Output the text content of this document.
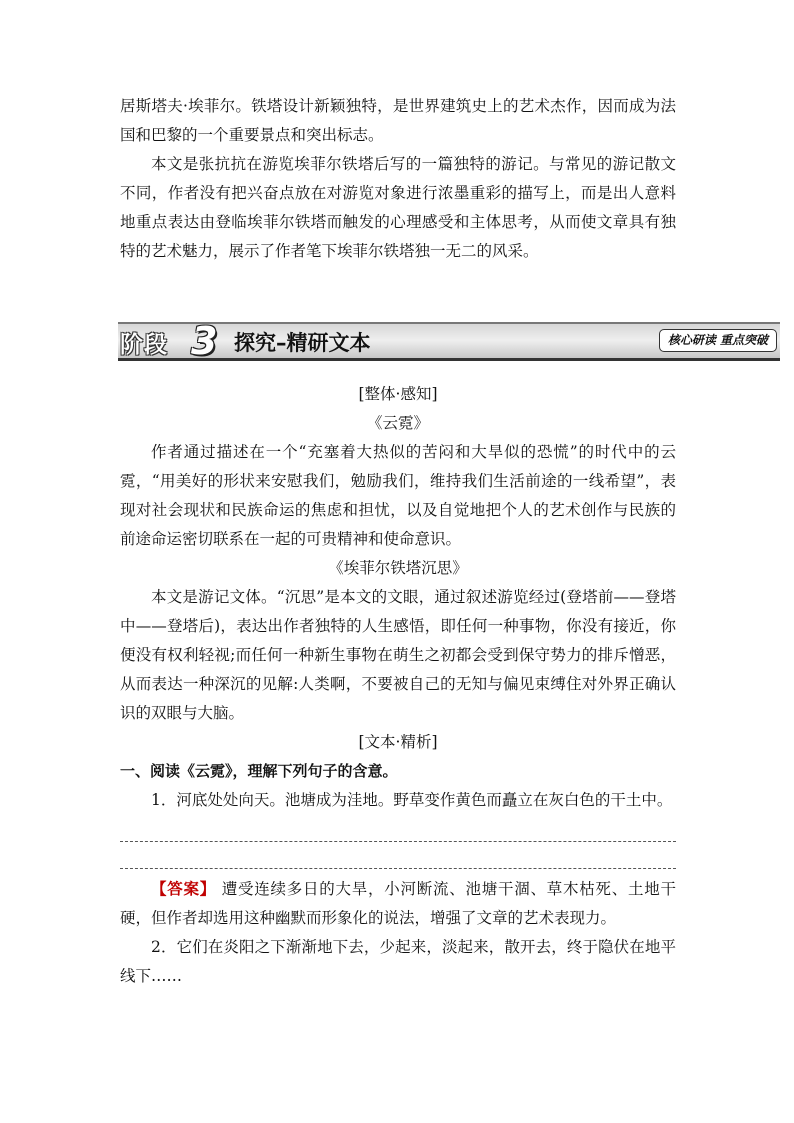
居斯塔夫·埃菲尔。铁塔设计新颖独特，是世界建筑史上的艺术杰作，因而成为法国和巴黎的一个重要景点和突出标志。

本文是张抗抗在游览埃菲尔铁塔后写的一篇独特的游记。与常见的游记散文不同，作者没有把兴奋点放在对游览对象进行浓墨重彩的描写上，而是出人意料地重点表达由登临埃菲尔铁塔而触发的心理感受和主体思考，从而使文章具有独特的艺术魅力，展示了作者笔下埃菲尔铁塔独一无二的风采。

阶段 3 探究–精研文本	核心研读 重点突破

[整体·感知]

《云霓》

作者通过描述在一个“充塞着大热似的苦闷和大旱似的恐慌”的时代中的云霓，“用美好的形状来安慰我们，勉励我们，维持我们生活前途的一线希望”，表现对社会现状和民族命运的焦虑和担忧，以及自觉地把个人的艺术创作与民族的前途命运密切联系在一起的可贵精神和使命意识。

《埃菲尔铁塔沉思》

本文是游记文体。“沉思”是本文的文眼，通过叙述游览经过(登塔前——登塔中——登塔后)，表达出作者独特的人生感悟，即任何一种事物，你没有接近，你便没有权利轻视;而任何一种新生事物在萌生之初都会受到保守势力的排斥憎恶，从而表达一种深沉的见解:人类啊，不要被自己的无知与偏见束缚住对外界正确认识的双眼与大脑。

[文本·精析]

一、阅读《云霓》，理解下列句子的含意。

1．河底处处向天。池塘成为洼地。野草变作黄色而矗立在灰白色的干土中。

【答案】 遭受连续多日的大旱，小河断流、池塘干涸、草木枯死、土地干硬，但作者却选用这种幽默而形象化的说法，增强了文章的艺术表现力。

2．它们在炎阳之下渐渐地下去，少起来，淡起来，散开去，终于隐伏在地平线下……
